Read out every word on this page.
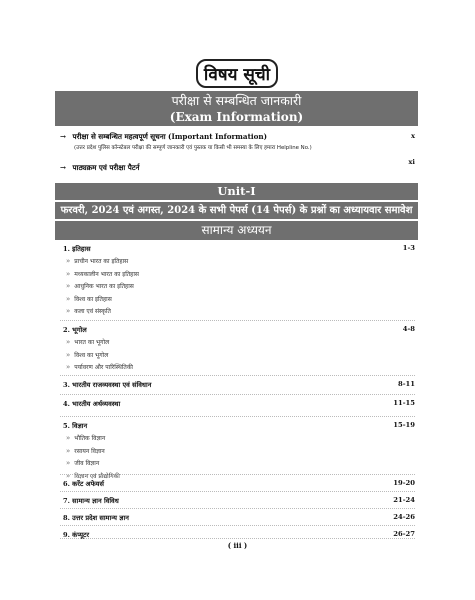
विषय सूची
परीक्षा से सम्बन्धित जानकारी
(Exam Information)
→ परीक्षा से सम्बन्धित महत्वपूर्ण सूचना (Important Information)	x
(उत्तर प्रदेश पुलिस कॉन्स्टेबल परीक्षा की सम्पूर्ण जानकारी एवं पुस्तक या किसी भी समस्या के लिए हमारा Helpline No.)
→ पाठ्यक्रम एवं परीक्षा पैटर्न
xi
Unit-I
फरवरी, 2024 एवं अगस्त, 2024 के सभी पेपर्स (14 पेपर्स) के प्रश्नों का अध्यायवार समावेश
सामान्य अध्ययन
1. इतिहास	1-3
» प्राचीन भारत का इतिहास
» मध्यकालीन भारत का इतिहास
» आधुनिक भारत का इतिहास
» विश्व का इतिहास
» कला एवं संस्कृति
2. भूगोल	4-8
» भारत का भूगोल
» विश्व का भूगोल
» पर्यावरण और पारिस्थितिकी
3. भारतीय राजव्यवस्था एवं संविधान	8-11
4. भारतीय अर्थव्यवस्था	11-15
5. विज्ञान	15-19
» भौतिक विज्ञान
» रसायन विज्ञान
» जीव विज्ञान
» विज्ञान एवं प्रौद्योगिकी
6. करेंट अफेयर्स	19-20
7. सामान्य ज्ञान विविध	21-24
8. उत्तर प्रदेश सामान्य ज्ञान	24-26
9. कंप्यूटर	26-27
( iii )
